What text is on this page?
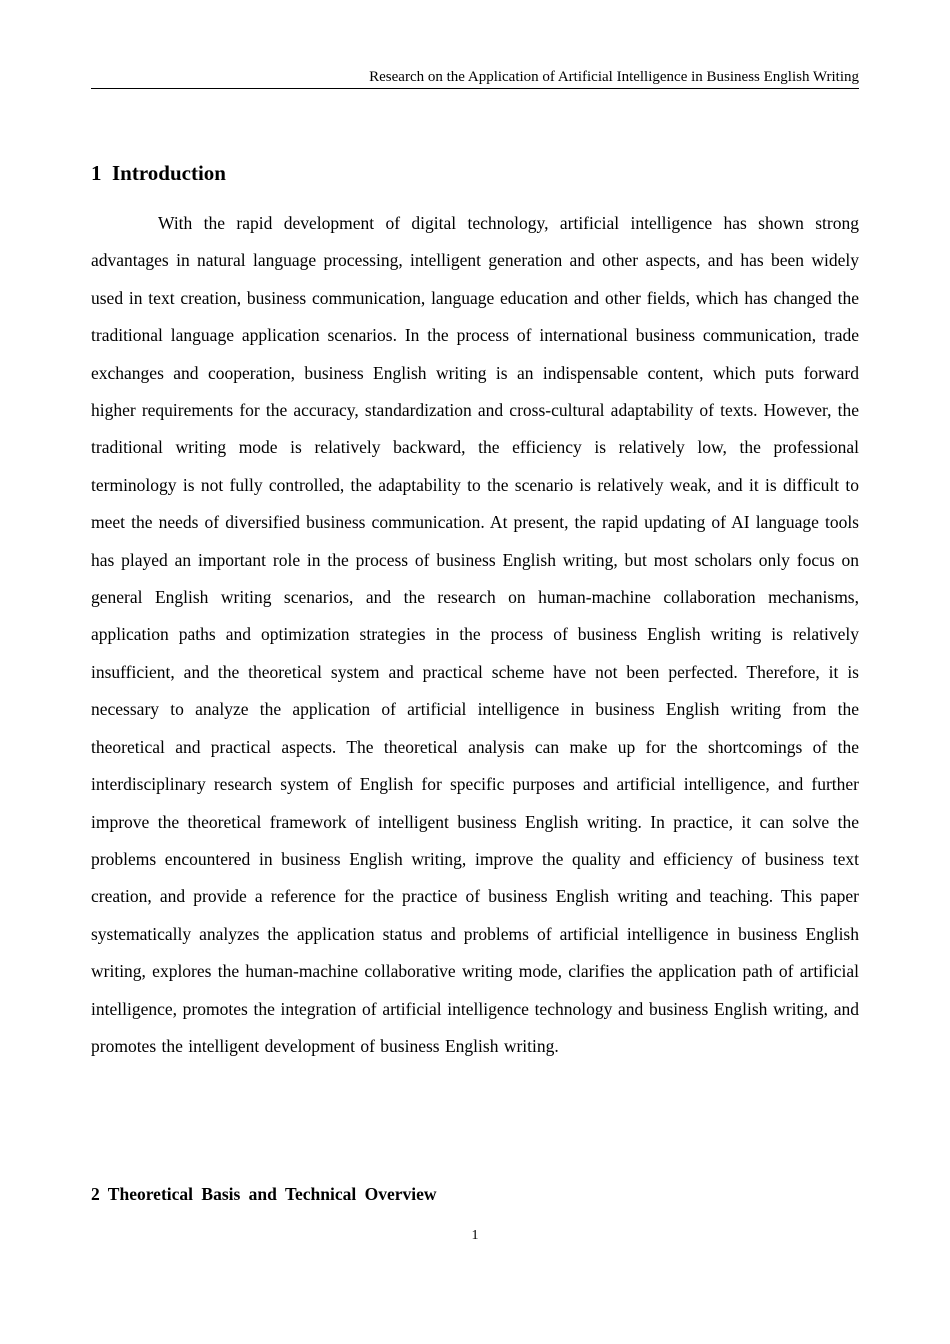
Research on the Application of Artificial Intelligence in Business English Writing
1  Introduction

With the rapid development of digital technology, artificial intelligence has shown strong advantages in natural language processing, intelligent generation and other aspects, and has been widely used in text creation, business communication, language education and other fields, which has changed the traditional language application scenarios. In the process of international business communication, trade exchanges and cooperation, business English writing is an indispensable content, which puts forward higher requirements for the accuracy, standardization and cross-cultural adaptability of texts. However, the traditional writing mode is relatively backward, the efficiency is relatively low, the professional terminology is not fully controlled, the adaptability to the scenario is relatively weak, and it is difficult to meet the needs of diversified business communication. At present, the rapid updating of AI language tools has played an important role in the process of business English writing, but most scholars only focus on general English writing scenarios, and the research on human-machine collaboration mechanisms, application paths and optimization strategies in the process of business English writing is relatively insufficient, and the theoretical system and practical scheme have not been perfected. Therefore, it is necessary to analyze the application of artificial intelligence in business English writing from the theoretical and practical aspects. The theoretical analysis can make up for the shortcomings of the interdisciplinary research system of English for specific purposes and artificial intelligence, and further improve the theoretical framework of intelligent business English writing. In practice, it can solve the problems encountered in business English writing, improve the quality and efficiency of business text creation, and provide a reference for the practice of business English writing and teaching. This paper systematically analyzes the application status and problems of artificial intelligence in business English writing, explores the human-machine collaborative writing mode, clarifies the application path of artificial intelligence, promotes the integration of artificial intelligence technology and business English writing, and promotes the intelligent development of business English writing.

2 Theoretical Basis and Technical Overview
1
